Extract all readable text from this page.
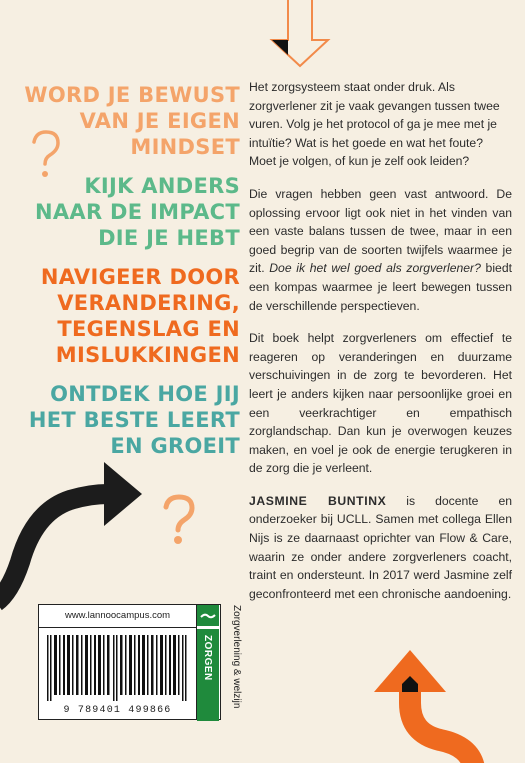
WORD JE BEWUST
VAN JE EIGEN
MINDSET
KIJK ANDERS
NAAR DE IMPACT
DIE JE HEBT
NAVIGEER DOOR
VERANDERING,
TEGENSLAG EN
MISLUKKINGEN
ONTDEK HOE JIJ
HET BESTE LEERT
EN GROEIT

Het zorgsysteem staat onder druk. Als zorgverlener zit je vaak gevangen tussen twee vuren. Volg je het protocol of ga je mee met je intuïtie? Wat is het goede en wat het foute? Moet je volgen, of kun je zelf ook leiden?

Die vragen hebben geen vast antwoord. De oplossing ervoor ligt ook niet in het vinden van een vaste balans tussen de twee, maar in een goed begrip van de soorten twijfels waarmee je zit. Doe ik het wel goed als zorgverlener? biedt een kompas waarmee je leert bewegen tussen de verschillende perspectieven.

Dit boek helpt zorgverleners om effectief te reageren op veranderingen en duurzame verschuivingen in de zorg te bevorderen. Het leert je anders kijken naar persoonlijke groei en een veerkrachtiger en empathisch zorglandschap. Dan kun je overwogen keuzes maken, en voel je ook de energie terugkeren in de zorg die je verleent.

JASMINE BUNTINX is docente en onderzoeker bij UCLL. Samen met collega Ellen Nijs is ze daarnaast oprichter van Flow & Care, waarin ze onder andere zorgverleners coacht, traint en ondersteunt. In 2017 werd Jasmine zelf geconfronteerd met een chronische aandoening.

www.lannoocampus.com
9 789401 499866
ZORGEN Zorgverlening & welzijn
